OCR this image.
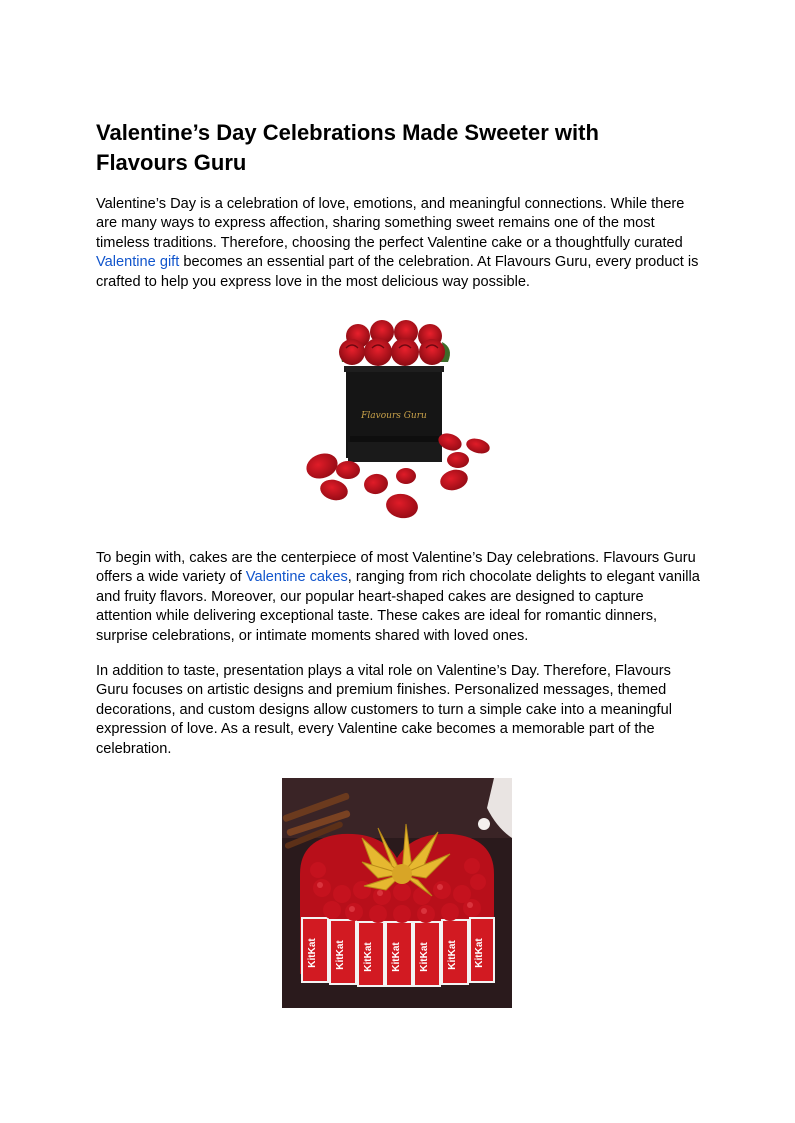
Valentine’s Day Celebrations Made Sweeter with Flavours Guru

Valentine’s Day is a celebration of love, emotions, and meaningful connections. While there are many ways to express affection, sharing something sweet remains one of the most timeless traditions. Therefore, choosing the perfect Valentine cake or a thoughtfully curated Valentine gift becomes an essential part of the celebration. At Flavours Guru, every product is crafted to help you express love in the most delicious way possible.

Flavours Guru

To begin with, cakes are the centerpiece of most Valentine’s Day celebrations. Flavours Guru offers a wide variety of Valentine cakes, ranging from rich chocolate delights to elegant vanilla and fruity flavors. Moreover, our popular heart-shaped cakes are designed to capture attention while delivering exceptional taste. These cakes are ideal for romantic dinners, surprise celebrations, or intimate moments shared with loved ones.

In addition to taste, presentation plays a vital role on Valentine’s Day. Therefore, Flavours Guru focuses on artistic designs and premium finishes. Personalized messages, themed decorations, and custom designs allow customers to turn a simple cake into a meaningful expression of love. As a result, every Valentine cake becomes a memorable part of the celebration.

KitKat KitKat KitKat KitKat KitKat KitKat KitKat
